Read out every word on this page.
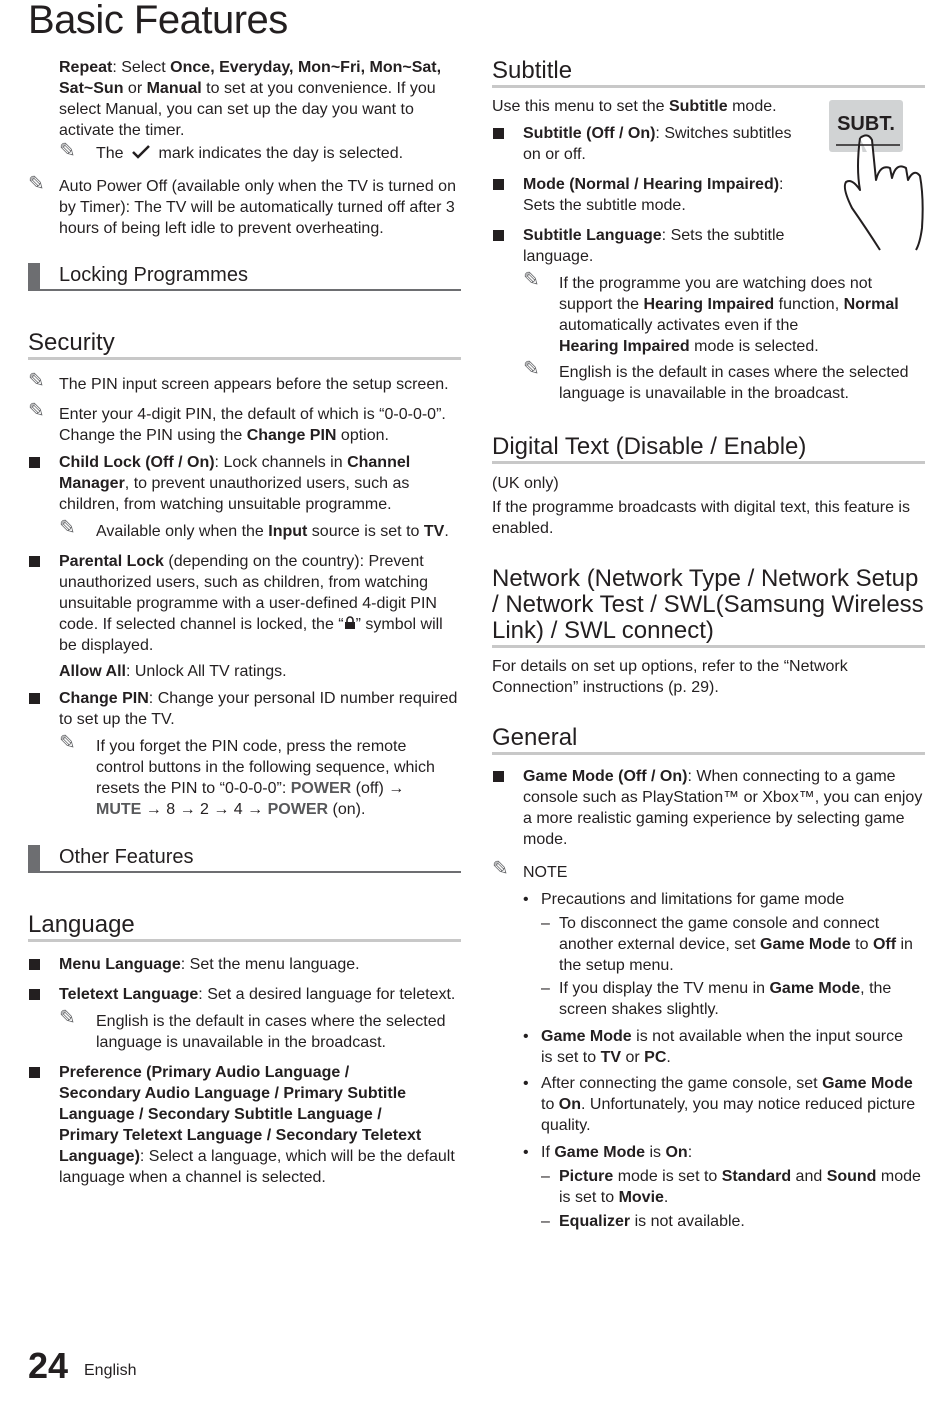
Basic Features
Repeat: Select Once, Everyday, Mon~Fri, Mon~Sat,
Sat~Sun or Manual to set at you convenience. If you
select Manual, you can set up the day you want to
activate the timer.
✎ The mark indicates the day is selected.
✎ Auto Power Off (available only when the TV is turned on
by Timer): The TV will be automatically turned off after 3
hours of being left idle to prevent overheating.
Locking Programmes
Security
✎ The PIN input screen appears before the setup screen.
✎ Enter your 4-digit PIN, the default of which is “0-0-0-0”.
Change the PIN using the Change PIN option.
Child Lock (Off / On): Lock channels in Channel
Manager, to prevent unauthorized users, such as
children, from watching unsuitable programme.
✎ Available only when the Input source is set to TV.
Parental Lock (depending on the country): Prevent
unauthorized users, such as children, from watching
unsuitable programme with a user-defined 4-digit PIN
code. If selected channel is locked, the “ ” symbol will
be displayed.
Allow All: Unlock All TV ratings.
Change PIN: Change your personal ID number required
to set up the TV.
✎ If you forget the PIN code, press the remote
control buttons in the following sequence, which
resets the PIN to “0-0-0-0”: POWER (off) →
MUTE → 8 → 2 → 4 → POWER (on).
Other Features
Language
Menu Language: Set the menu language.
Teletext Language: Set a desired language for teletext.
✎ English is the default in cases where the selected
language is unavailable in the broadcast.
Preference (Primary Audio Language /
Secondary Audio Language / Primary Subtitle
Language / Secondary Subtitle Language /
Primary Teletext Language / Secondary Teletext
Language): Select a language, which will be the default
language when a channel is selected.
Subtitle
SUBT.
Use this menu to set the Subtitle mode.
Subtitle (Off / On): Switches subtitles
on or off.
Mode (Normal / Hearing Impaired):
Sets the subtitle mode.
Subtitle Language: Sets the subtitle
language.
✎ If the programme you are watching does not
support the Hearing Impaired function, Normal
automatically activates even if the
Hearing Impaired mode is selected.
✎ English is the default in cases where the selected
language is unavailable in the broadcast.
Digital Text (Disable / Enable)
(UK only)
If the programme broadcasts with digital text, this feature is
enabled.
Network (Network Type / Network Setup
/ Network Test / SWL(Samsung Wireless
Link) / SWL connect)
For details on set up options, refer to the “Network
Connection” instructions (p. 29).
General
Game Mode (Off / On): When connecting to a game
console such as PlayStation™ or Xbox™, you can enjoy
a more realistic gaming experience by selecting game
mode.
✎ NOTE
• Precautions and limitations for game mode
– To disconnect the game console and connect
another external device, set Game Mode to Off in
the setup menu.
– If you display the TV menu in Game Mode, the
screen shakes slightly.
• Game Mode is not available when the input source
is set to TV or PC.
• After connecting the game console, set Game Mode
to On. Unfortunately, you may notice reduced picture
quality.
• If Game Mode is On:
– Picture mode is set to Standard and Sound mode
is set to Movie.
– Equalizer is not available.
24 English
